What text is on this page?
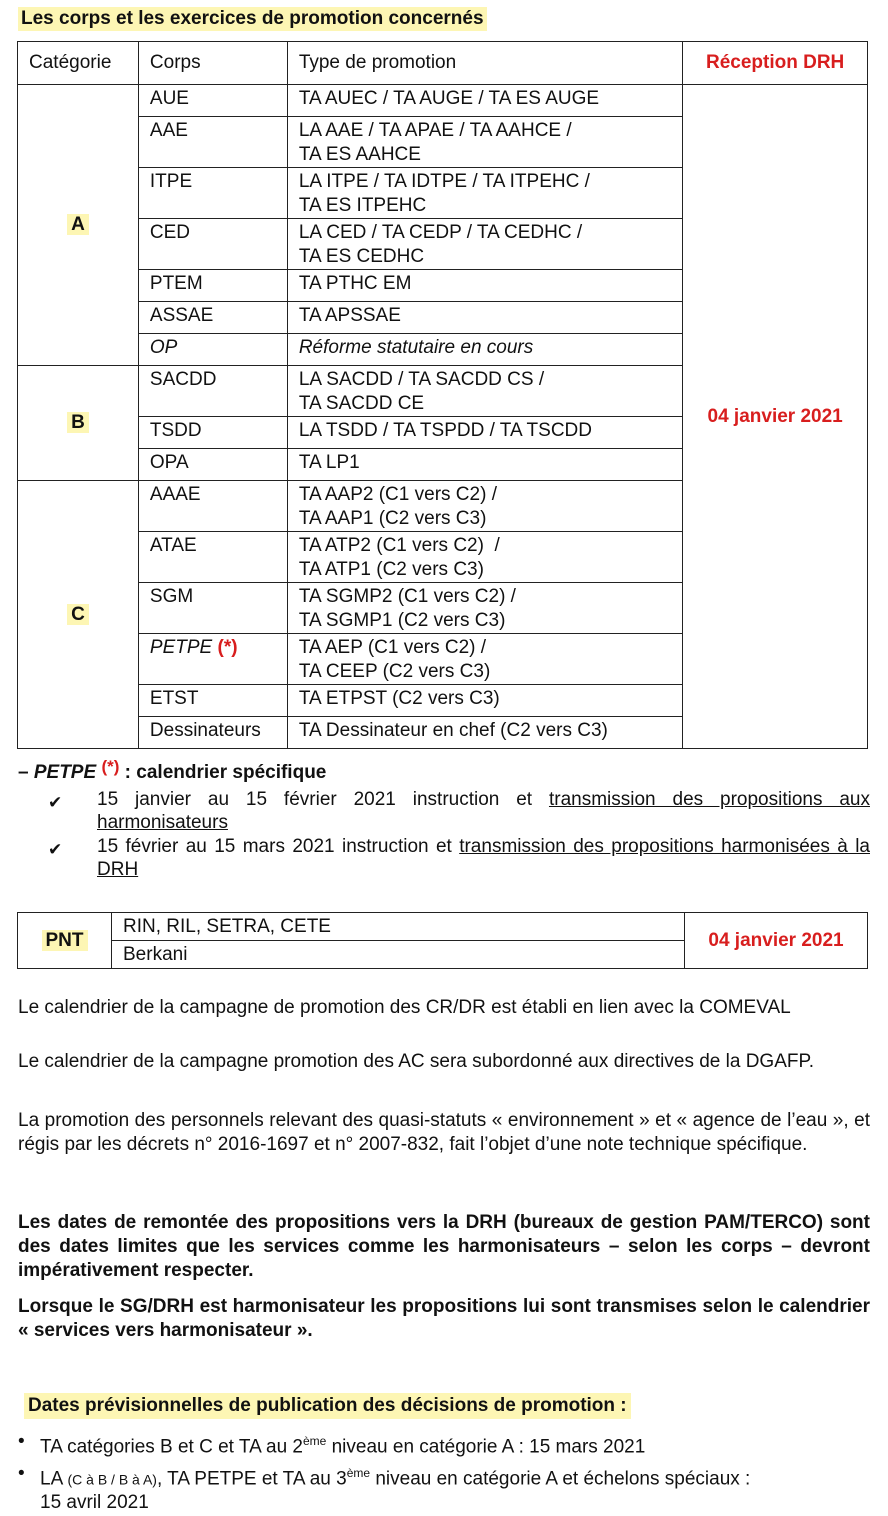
Les corps et les exercices de promotion concernés
Catégorie	Corps	Type de promotion	Réception DRH
A	AUE	TA AUEC / TA AUGE / TA ES AUGE	04 janvier 2021
	AAE	LA AAE / TA APAE / TA AAHCE /
TA ES AAHCE	

	ITPE	LA ITPE / TA IDTPE / TA ITPEHC /
TA ES ITPEHC	

	CED	LA CED / TA CEDP / TA CEDHC /
TA ES CEDHC	

	PTEM	TA PTHC EM	
	ASSAE	TA APSSAE	
	OP	Réforme statutaire en cours	
B	SACDD	LA SACDD / TA SACDD CS /
TA SACDD CE	

	TSDD	LA TSDD / TA TSPDD / TA TSCDD	
	OPA	TA LP1	
C	AAAE	TA AAP2 (C1 vers C2) /
TA AAP1 (C2 vers C3)	

	ATAE	TA ATP2 (C1 vers C2)  /
TA ATP1 (C2 vers C3)	

	SGM	TA SGMP2 (C1 vers C2) /
TA SGMP1 (C2 vers C3)	

	PETPE (*)	TA AEP (C1 vers C2) /
TA CEEP (C2 vers C3)	

	ETST	TA ETPST (C2 vers C3)	
	Dessinateurs	TA Dessinateur en chef (C2 vers C3)	
– PETPE (*) : calendrier spécifique
✔ 15 janvier au 15 février 2021 instruction et transmission des propositions aux harmonisateurs
✔ 15 février au 15 mars 2021 instruction et transmission des propositions harmonisées à la DRH
PNT	RIN, RIL, SETRA, CETE	04 janvier 2021
Berkani
Le calendrier de la campagne de promotion des CR/DR est établi en lien avec la COMEVAL
Le calendrier de la campagne promotion des AC sera subordonné aux directives de la DGAFP.
La promotion des personnels relevant des quasi-statuts « environnement » et « agence de l’eau », et régis par les décrets n° 2016-1697 et n° 2007-832, fait l’objet d’une note technique spécifique.
Les dates de remontée des propositions vers la DRH (bureaux de gestion PAM/TERCO) sont des dates limites que les services comme les harmonisateurs – selon les corps – devront impérativement respecter.
Lorsque le SG/DRH est harmonisateur les propositions lui sont transmises selon le calendrier « services vers harmonisateur ».
Dates prévisionnelles de publication des décisions de promotion :
• TA catégories B et C et TA au 2ème niveau en catégorie A : 15 mars 2021
• LA (C à B / B à A), TA PETPE et TA au 3ème niveau en catégorie A et échelons spéciaux :
15 avril 2021
